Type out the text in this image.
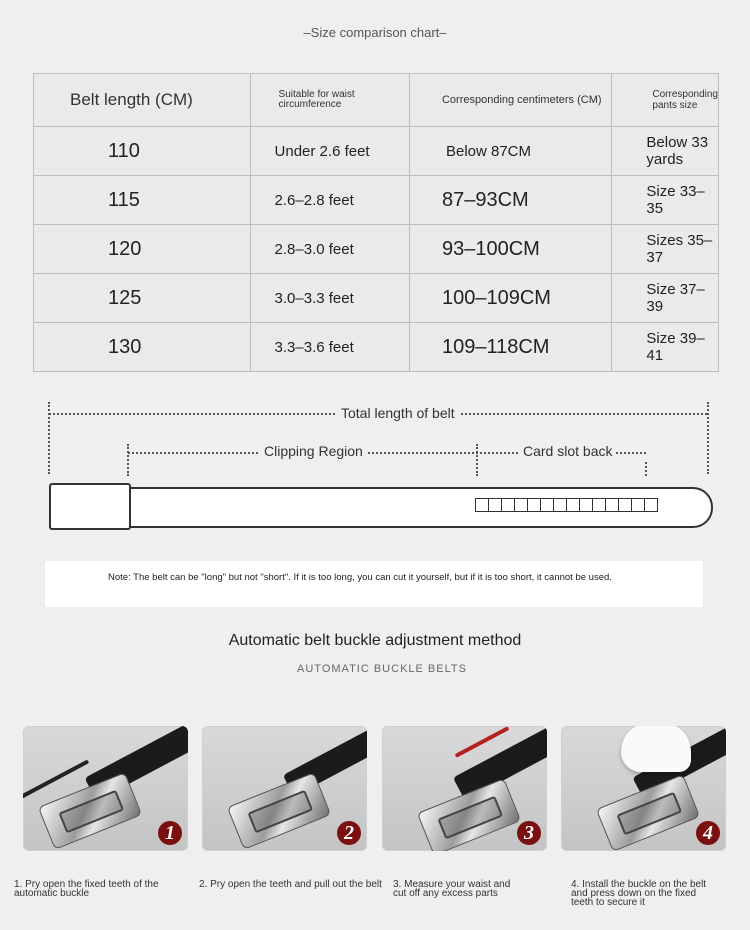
–Size comparison chart–
Belt length (CM)	Suitable for waist circumference	Corresponding centimeters (CM)	Corresponding pants size
110	Under 2.6 feet	Below 87CM	Below 33 yards
115	2.6–2.8 feet	87–93CM	Size 33–35
120	2.8–3.0 feet	93–100CM	Sizes 35–37
125	3.0–3.3 feet	100–109CM	Size 37–39
130	3.3–3.6 feet	109–118CM	Size 39–41
Total length of belt
Clipping Region	Card slot back
Note: The belt can be "long" but not "short". If it is too long, you can cut it yourself, but if it is too short, it cannot be used.
Automatic belt buckle adjustment method
AUTOMATIC BUCKLE BELTS
1	2	3	4
1. Pry open the fixed teeth of the automatic buckle
2. Pry open the teeth and pull out the belt 3. Measure your waist and cut off any excess parts
4. Install the buckle on the belt and press down on the fixed teeth to secure it
